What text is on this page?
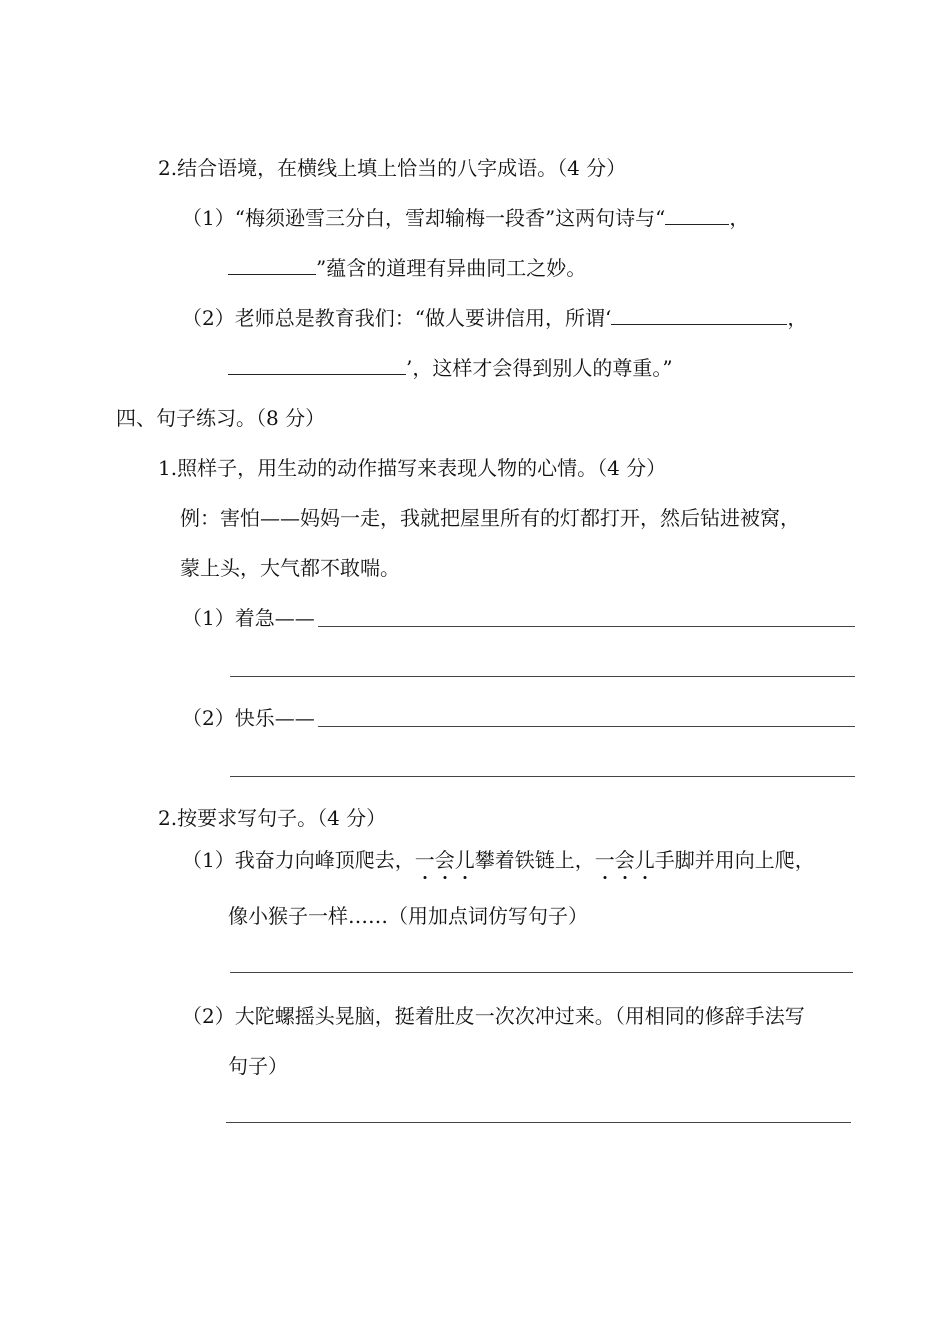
2.结合语境，在横线上填上恰当的八字成语。（4 分）
（1）“梅须逊雪三分白，雪却输梅一段香”这两句诗与“	，
”蕴含的道理有异曲同工之妙。
（2）老师总是教育我们：“做人要讲信用，所谓‘	，
’，这样才会得到别人的尊重。”
四、句子练习。（8 分）
1.照样子，用生动的动作描写来表现人物的心情。（4 分）
例：害怕——妈妈一走，我就把屋里所有的灯都打开，然后钻进被窝，
蒙上头，大气都不敢喘。
（1）着急——
（2）快乐——
2.按要求写句子。（4 分）
（1）我奋力向峰顶爬去，一会儿攀着铁链上，一会儿手脚并用向上爬，
像小猴子一样……（用加点词仿写句子）
（2）大陀螺摇头晃脑，挺着肚皮一次次冲过来。（用相同的修辞手法写
句子）
